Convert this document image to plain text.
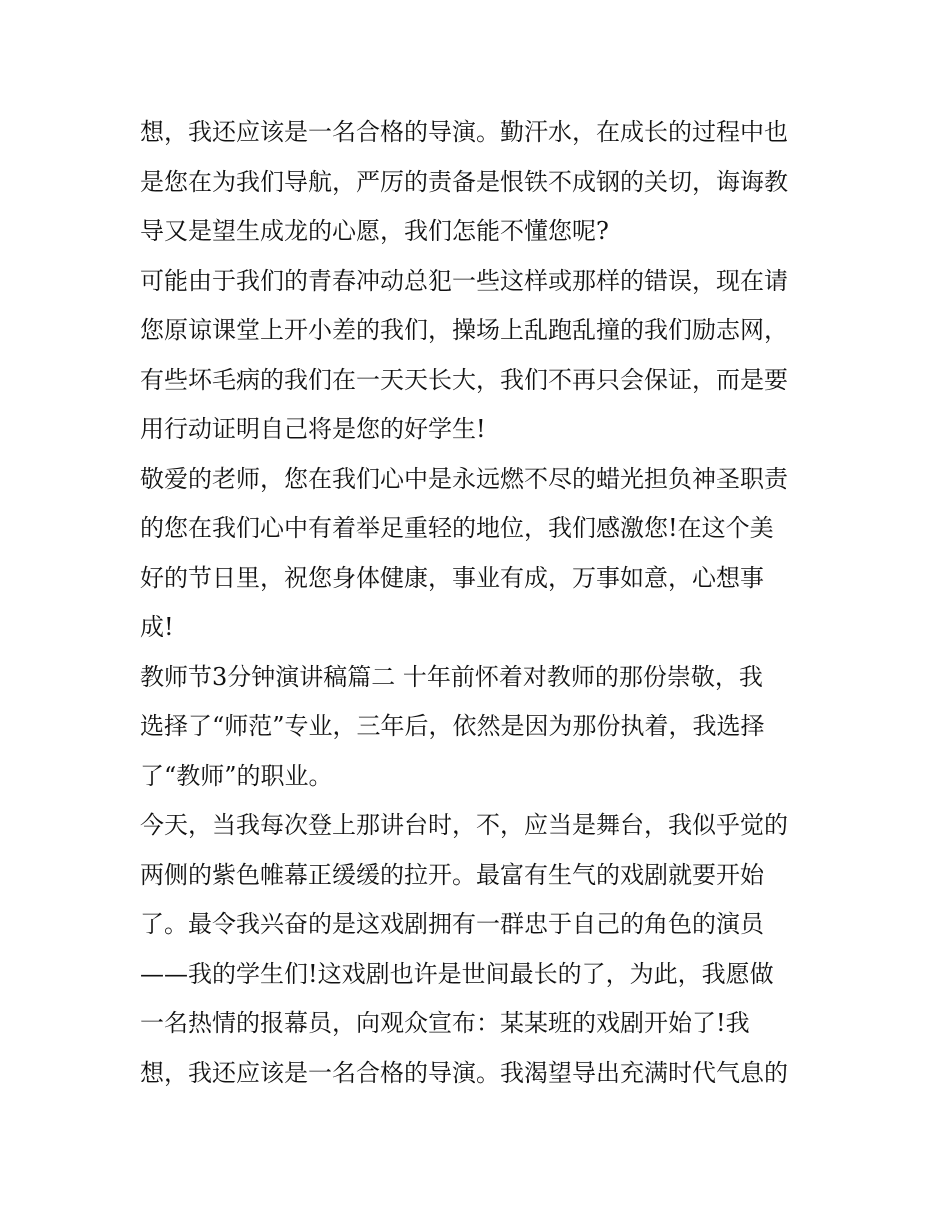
想，我还应该是一名合格的导演。勤汗水，在成长的过程中也
是您在为我们导航，严厉的责备是恨铁不成钢的关切，诲诲教
导又是望生成龙的心愿，我们怎能不懂您呢?
可能由于我们的青春冲动总犯一些这样或那样的错误，现在请
您原谅课堂上开小差的我们，操场上乱跑乱撞的我们励志网，
有些坏毛病的我们在一天天长大，我们不再只会保证，而是要
用行动证明自己将是您的好学生!
敬爱的老师，您在我们心中是永远燃不尽的蜡光担负神圣职责
的您在我们心中有着举足重轻的地位，我们感激您!在这个美
好的节日里，祝您身体健康，事业有成，万事如意，心想事
成!
教师节3分钟演讲稿篇二 十年前怀着对教师的那份崇敬，我
选择了“师范”专业，三年后，依然是因为那份执着，我选择
了“教师”的职业。
今天，当我每次登上那讲台时，不，应当是舞台，我似乎觉的
两侧的紫色帷幕正缓缓的拉开。最富有生气的戏剧就要开始
了。最令我兴奋的是这戏剧拥有一群忠于自己的角色的演员
——我的学生们!这戏剧也许是世间最长的了，为此，我愿做
一名热情的报幕员，向观众宣布：某某班的戏剧开始了!我
想，我还应该是一名合格的导演。我渴望导出充满时代气息的
